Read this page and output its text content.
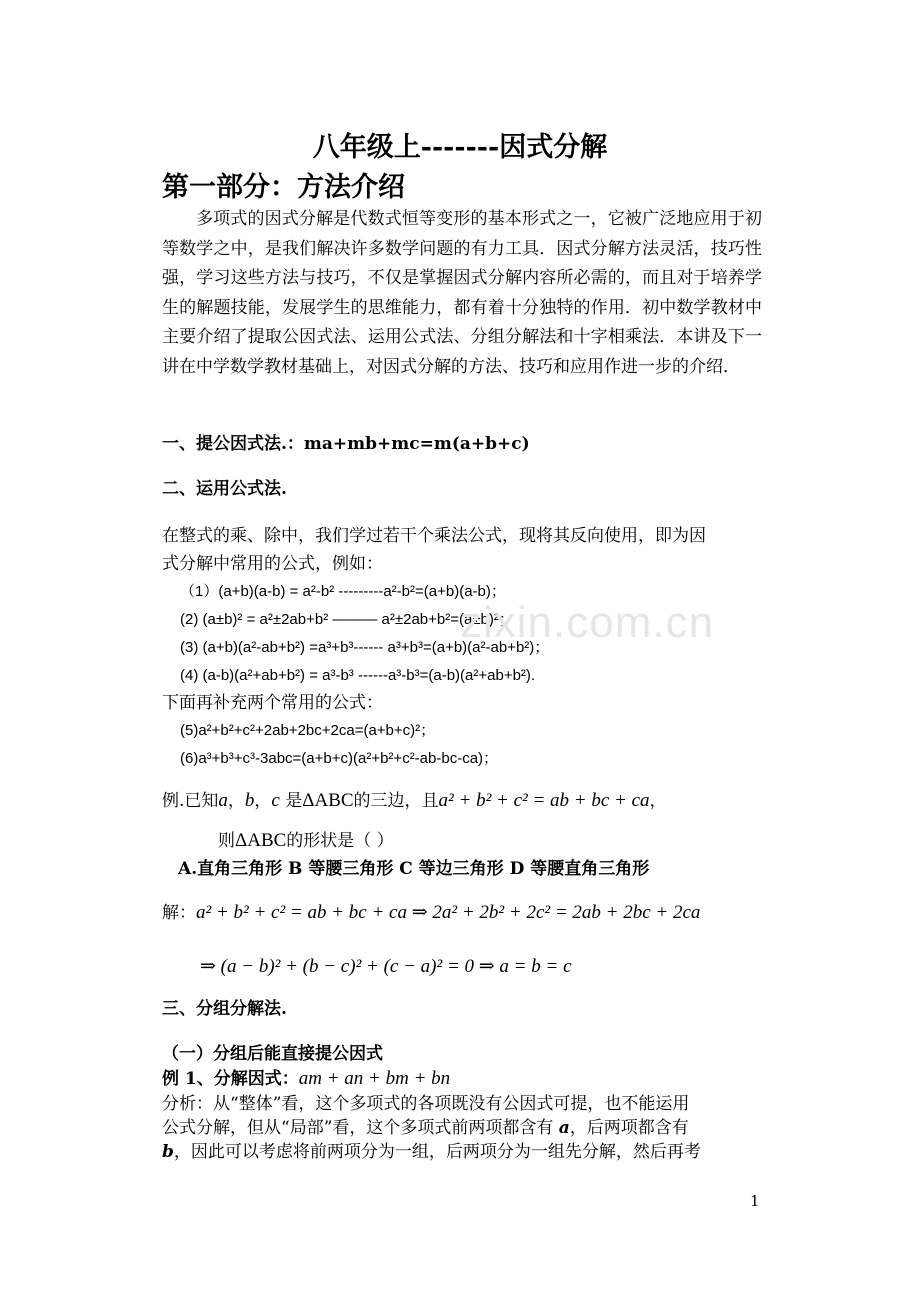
八年级上-------因式分解
第一部分：方法介绍
多项式的因式分解是代数式恒等变形的基本形式之一，它被广泛地应用于初等数学之中，是我们解决许多数学问题的有力工具．因式分解方法灵活，技巧性强，学习这些方法与技巧，不仅是掌握因式分解内容所必需的，而且对于培养学生的解题技能，发展学生的思维能力，都有着十分独特的作用．初中数学教材中主要介绍了提取公因式法、运用公式法、分组分解法和十字相乘法．本讲及下一讲在中学数学教材基础上，对因式分解的方法、技巧和应用作进一步的介绍．
一、提公因式法.：ma+mb+mc=m(a+b+c)
二、运用公式法.
在整式的乘、除中，我们学过若干个乘法公式，现将其反向使用，即为因
式分解中常用的公式，例如：
（1）(a+b)(a-b) = a²-b² ---------a²-b²=(a+b)(a-b)；
(2) (a±b)² = a²±2ab+b² ——— a²±2ab+b²=(a±b)²；
(3) (a+b)(a²-ab+b²) =a³+b³------ a³+b³=(a+b)(a²-ab+b²)；
(4) (a-b)(a²+ab+b²) = a³-b³ ------a³-b³=(a-b)(a²+ab+b²).
下面再补充两个常用的公式：
(5)a²+b²+c²+2ab+2bc+2ca=(a+b+c)²；
(6)a³+b³+c³-3abc=(a+b+c)(a²+b²+c²-ab-bc-ca)；
例.已知a，b，c 是ΔABC的三边，且a² + b² + c² = ab + bc + ca，
则ΔABC的形状是（ ）
A.直角三角形 B 等腰三角形 C 等边三角形 D 等腰直角三角形
解：a² + b² + c² = ab + bc + ca ⇒ 2a² + 2b² + 2c² = 2ab + 2bc + 2ca
⇒ (a − b)² + (b − c)² + (c − a)² = 0 ⇒ a = b = c
三、分组分解法.
（一）分组后能直接提公因式
例 1、分解因式：am + an + bm + bn
分析：从“整体”看，这个多项式的各项既没有公因式可提，也不能运用
公式分解，但从“局部”看，这个多项式前两项都含有 a，后两项都含有
b，因此可以考虑将前两项分为一组，后两项分为一组先分解，然后再考
zixin.com.cn
1
